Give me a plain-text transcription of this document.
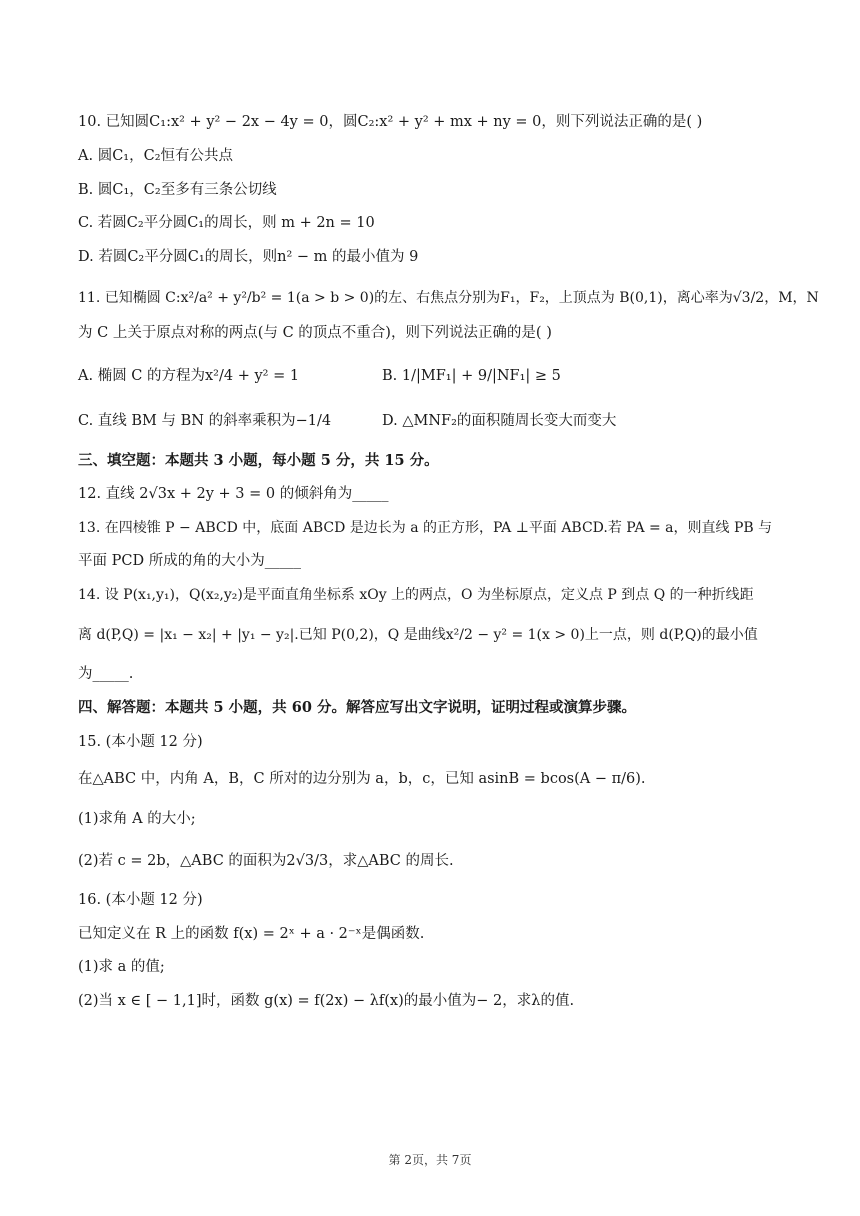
10. 已知圆C₁:x² + y² − 2x − 4y = 0，圆C₂:x² + y² + mx + ny = 0，则下列说法正确的是( )
A. 圆C₁，C₂恒有公共点
B. 圆C₁，C₂至多有三条公切线
C. 若圆C₂平分圆C₁的周长，则 m + 2n = 10
D. 若圆C₂平分圆C₁的周长，则n² − m 的最小值为 9
11. 已知椭圆 C:x²/a² + y²/b² = 1(a > b > 0)的左、右焦点分别为F₁，F₂，上顶点为 B(0,1)，离心率为√3/2，M，N
为 C 上关于原点对称的两点(与 C 的顶点不重合)，则下列说法正确的是( )
A. 椭圆 C 的方程为x²/4 + y² = 1	B. 1/|MF₁| + 9/|NF₁| ≥ 5
C. 直线 BM 与 BN 的斜率乘积为−1/4	D. △MNF₂的面积随周长变大而变大
三、填空题：本题共 3 小题，每小题 5 分，共 15 分。
12. 直线 2√3x + 2y + 3 = 0 的倾斜角为_____
13. 在四棱锥 P − ABCD 中，底面 ABCD 是边长为 a 的正方形，PA ⊥平面 ABCD.若 PA = a，则直线 PB 与
平面 PCD 所成的角的大小为_____
14. 设 P(x₁,y₁)，Q(x₂,y₂)是平面直角坐标系 xOy 上的两点，O 为坐标原点，定义点 P 到点 Q 的一种折线距
离 d(P,Q) = |x₁ − x₂| + |y₁ − y₂|.已知 P(0,2)，Q 是曲线x²/2 − y² = 1(x > 0)上一点，则 d(P,Q)的最小值
为_____.
四、解答题：本题共 5 小题，共 60 分。解答应写出文字说明，证明过程或演算步骤。
15. (本小题 12 分)
在△ABC 中，内角 A，B，C 所对的边分别为 a，b，c，已知 asinB = bcos(A − π/6).
(1)求角 A 的大小;
(2)若 c = 2b，△ABC 的面积为2√3/3，求△ABC 的周长.
16. (本小题 12 分)
已知定义在 R 上的函数 f(x) = 2ˣ + a · 2⁻ˣ是偶函数.
(1)求 a 的值;
(2)当 x ∈ [ − 1,1]时，函数 g(x) = f(2x) − λf(x)的最小值为− 2，求λ的值.
第 2页，共 7页
